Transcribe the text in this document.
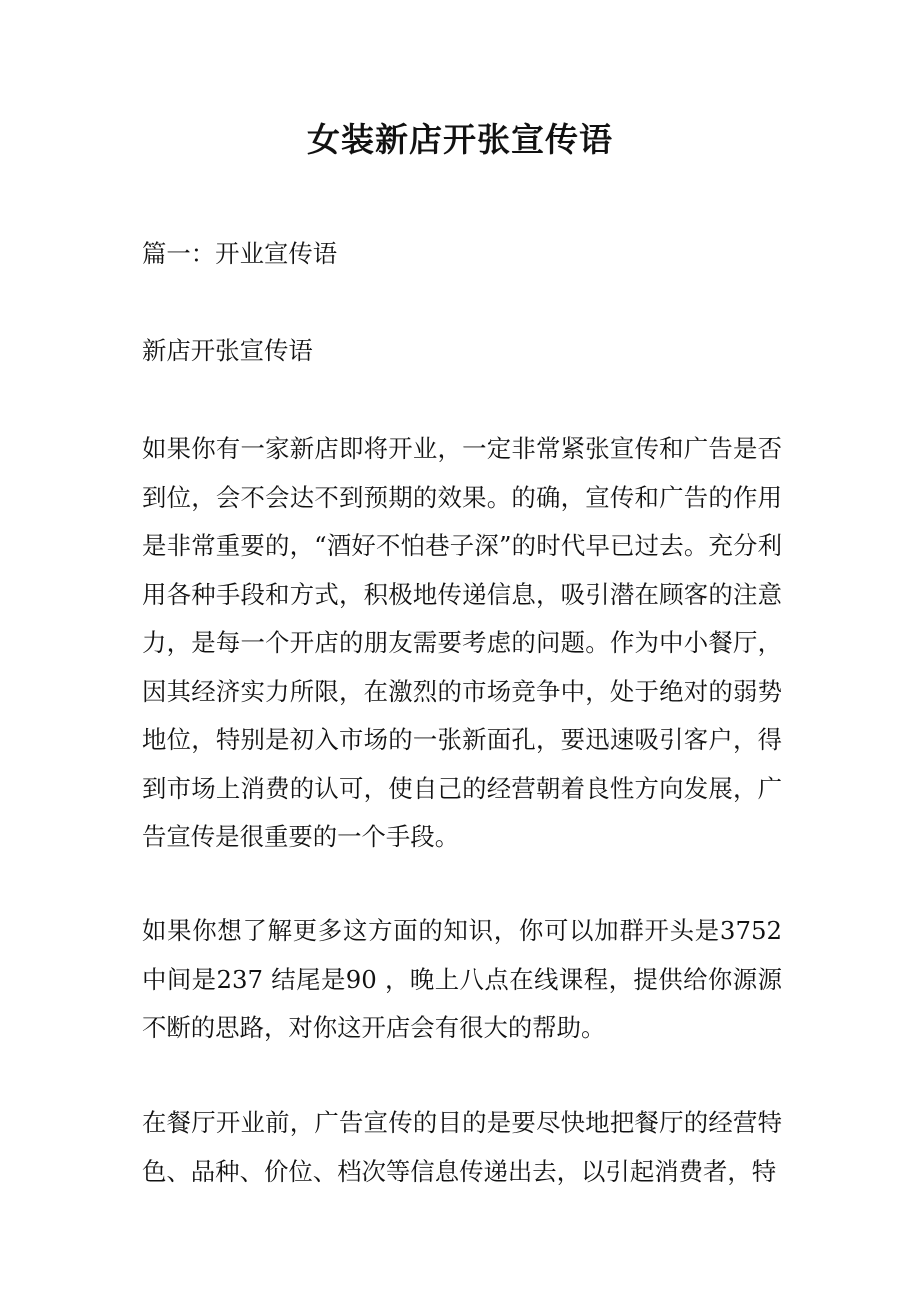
女装新店开张宣传语

篇一：开业宣传语

新店开张宣传语

如果你有一家新店即将开业，一定非常紧张宣传和广告是否到位，会不会达不到预期的效果。的确，宣传和广告的作用是非常重要的，“酒好不怕巷子深”的时代早已过去。充分利用各种手段和方式，积极地传递信息，吸引潜在顾客的注意力，是每一个开店的朋友需要考虑的问题。作为中小餐厅，因其经济实力所限，在激烈的市场竞争中，处于绝对的弱势地位，特别是初入市场的一张新面孔，要迅速吸引客户，得到市场上消费的认可，使自己的经营朝着良性方向发展，广告宣传是很重要的一个手段。

如果你想了解更多这方面的知识，你可以加群开头是3752中间是237 结尾是90 ，晚上八点在线课程，提供给你源源不断的思路，对你这开店会有很大的帮助。

在餐厅开业前，广告宣传的目的是要尽快地把餐厅的经营特色、品种、价位、档次等信息传递出去，以引起消费者，特
